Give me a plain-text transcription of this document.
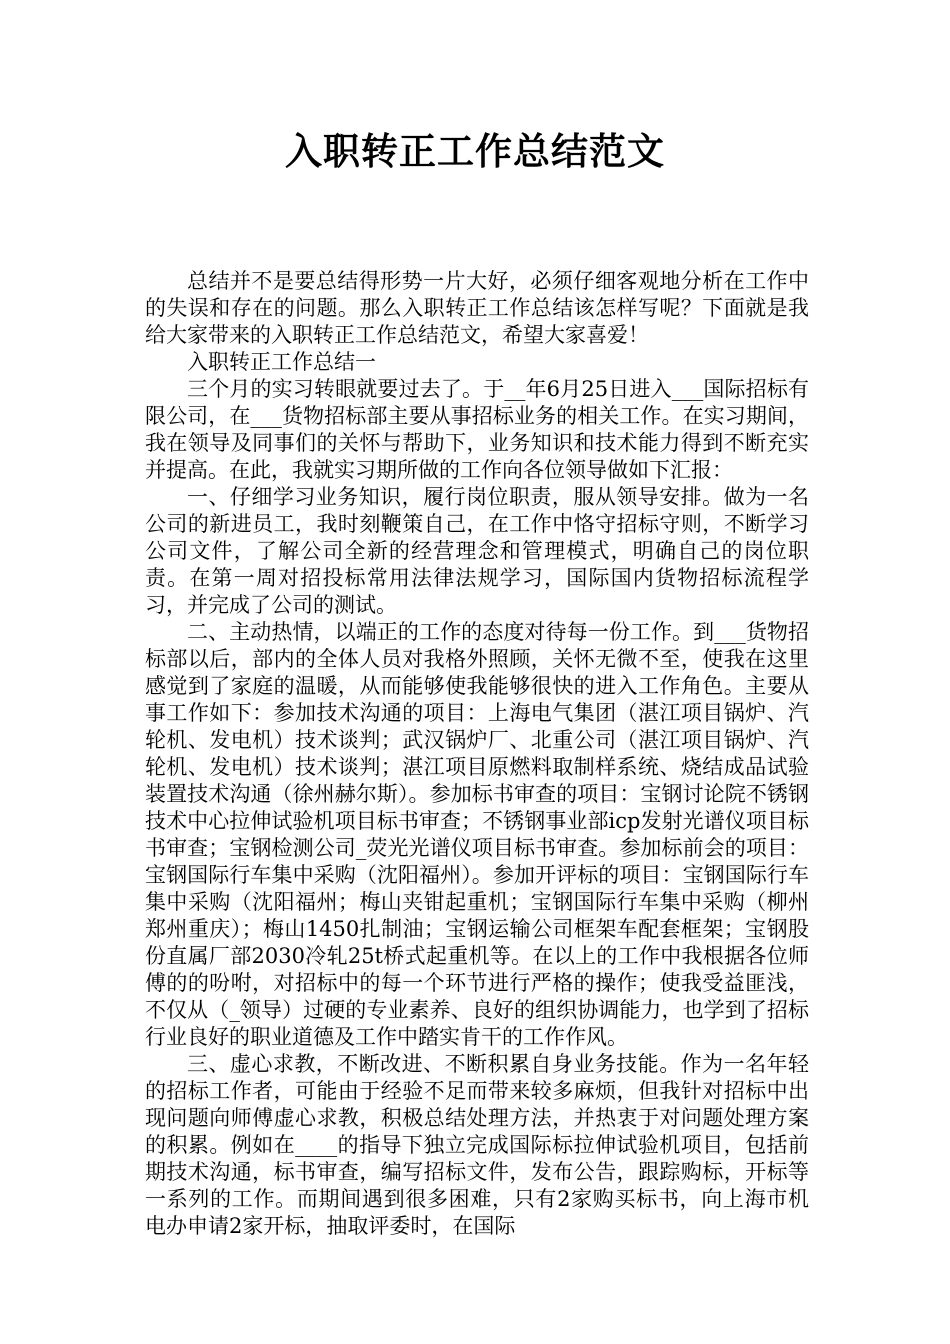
入职转正工作总结范文

总结并不是要总结得形势一片大好，必须仔细客观地分析在工作中的失误和存在的问题。那么入职转正工作总结该怎样写呢？下面就是我给大家带来的入职转正工作总结范文，希望大家喜爱！

入职转正工作总结一

三个月的实习转眼就要过去了。于__年6月25日进入___国际招标有限公司，在___货物招标部主要从事招标业务的相关工作。在实习期间，我在领导及同事们的关怀与帮助下，业务知识和技术能力得到不断充实并提高。在此，我就实习期所做的工作向各位领导做如下汇报：

一、仔细学习业务知识，履行岗位职责，服从领导安排。做为一名公司的新进员工，我时刻鞭策自己，在工作中恪守招标守则，不断学习公司文件，了解公司全新的经营理念和管理模式，明确自己的岗位职责。在第一周对招投标常用法律法规学习，国际国内货物招标流程学习，并完成了公司的测试。

二、主动热情，以端正的工作的态度对待每一份工作。到___货物招标部以后，部内的全体人员对我格外照顾，关怀无微不至，使我在这里感觉到了家庭的温暖，从而能够使我能够很快的进入工作角色。主要从事工作如下：参加技术沟通的项目：上海电气集团（湛江项目锅炉、汽轮机、发电机）技术谈判；武汉锅炉厂、北重公司（湛江项目锅炉、汽轮机、发电机）技术谈判；湛江项目原燃料取制样系统、烧结成品试验装置技术沟通（徐州赫尔斯）。参加标书审查的项目：宝钢讨论院不锈钢技术中心拉伸试验机项目标书审查；不锈钢事业部icp发射光谱仪项目标书审查；宝钢检测公司_荧光光谱仪项目标书审查。参加标前会的项目：宝钢国际行车集中采购（沈阳福州）。参加开评标的项目：宝钢国际行车集中采购（沈阳福州；梅山夹钳起重机；宝钢国际行车集中采购（柳州郑州重庆）；梅山1450扎制油；宝钢运输公司框架车配套框架；宝钢股份直属厂部2030冷轧25t桥式起重机等。在以上的工作中我根据各位师傅的的吩咐，对招标中的每一个环节进行严格的操作；使我受益匪浅，不仅从（_领导）过硬的专业素养、良好的组织协调能力，也学到了招标行业良好的职业道德及工作中踏实肯干的工作作风。

三、虚心求教，不断改进、不断积累自身业务技能。作为一名年轻的招标工作者，可能由于经验不足而带来较多麻烦，但我针对招标中出现问题向师傅虚心求教，积极总结处理方法，并热衷于对问题处理方案的积累。例如在____的指导下独立完成国际标拉伸试验机项目，包括前期技术沟通，标书审查，编写招标文件，发布公告，跟踪购标，开标等一系列的工作。而期间遇到很多困难，只有2家购买标书，向上海市机电办申请2家开标，抽取评委时，在国际
